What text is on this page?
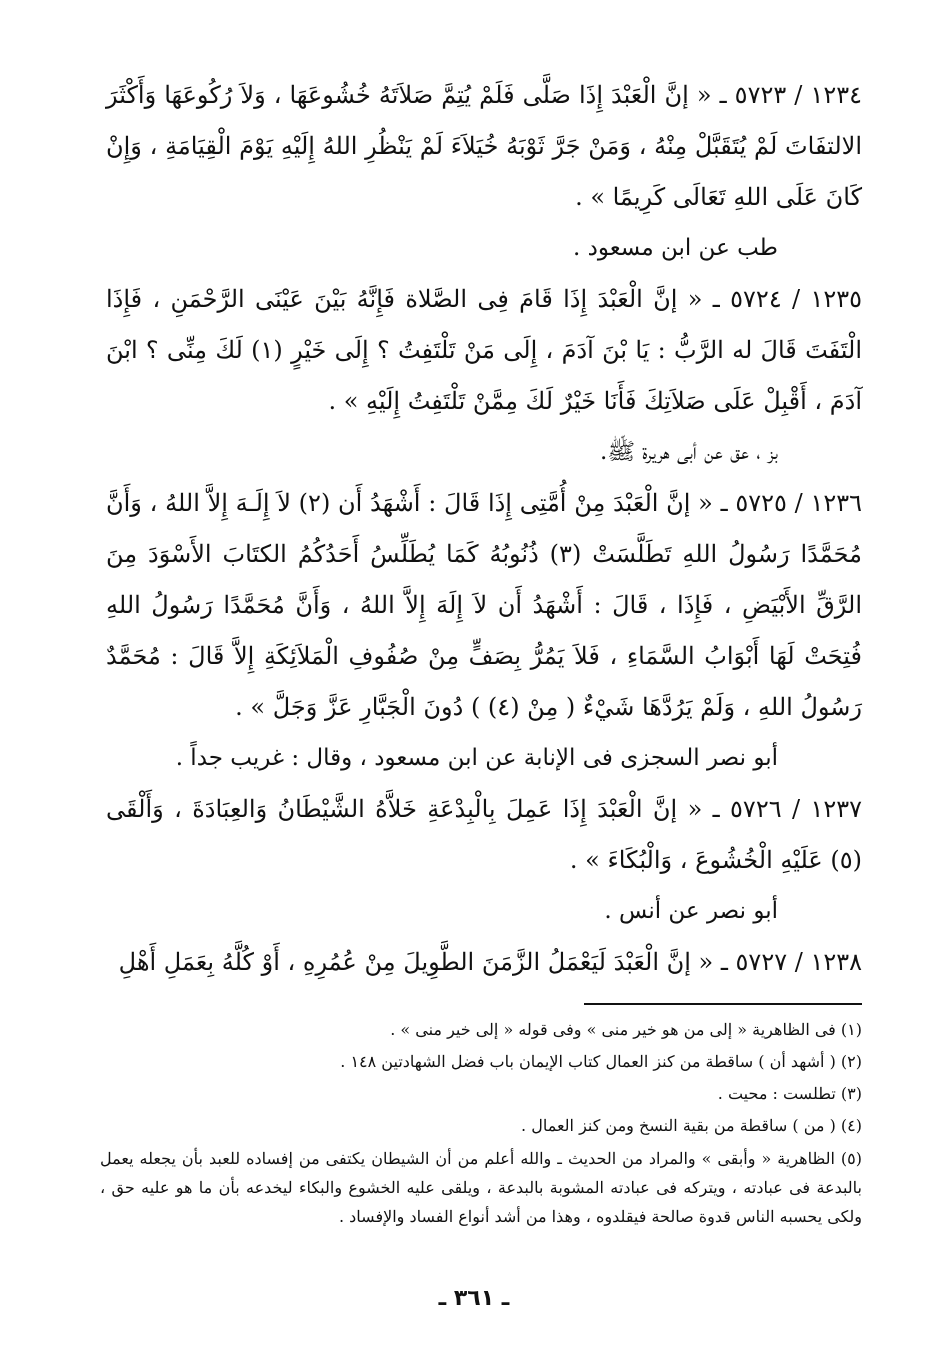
١٢٣٤ / ٥٧٢٣ ـ « إنَّ الْعَبْدَ إِذَا صَلَّى فَلَمْ يُتِمَّ صَلاَتَهُ خُشُوعَهَا ، وَلاَ رُكُوعَهَا وَأَكْثَرَ الالتفَاتَ لَمْ يُتَقَبَّلْ مِنْهُ ، وَمَنْ جَرَّ ثَوْبَهُ خُيَلاَءَ لَمْ يَنْظُرِ اللهُ إِلَيْهِ يَوْمَ الْقِيَامَةِ ، وَإِنْ كَانَ عَلَى اللهِ تَعَالَى كَرِيمًا » .

طب عن ابن مسعود .

١٢٣٥ / ٥٧٢٤ ـ « إنَّ الْعَبْدَ إِذَا قَامَ فِى الصَّلاة فَإِنَّهُ بَيْنَ عَيْنَى الرَّحْمَنِ ، فَإِذَا الْتَفَتَ قَالَ له الرَّبُّ : يَا بْنَ آدَمَ ، إِلَى مَنْ تَلْتَفِتُ ؟ إِلَى خَيْرٍ (١) لَكَ مِنِّى ؟ ابْنَ آدَمَ ، أَقْبِلْ عَلَى صَلاَتِكَ فَأَنَا خَيْرٌ لَكَ مِمَّنْ تَلْتَفِتُ إِلَيْهِ » .

بز ، عق عن أبى هريرة ﷺ.

١٢٣٦ / ٥٧٢٥ ـ « إنَّ الْعَبْدَ مِنْ أُمَّتِى إِذَا قَالَ : أَشْهَدُ أَن (٢) لاَ إِلَـهَ إِلاَّ اللهُ ، وَأَنَّ مُحَمَّدًا رَسُولُ اللهِ تَطَلَّسَتْ (٣) ذُنُوبُهُ كَمَا يُطَلِّسُ أَحَدُكُمُ الكتَابَ الأَسْوَدَ مِنَ الرَّقِّ الأَبْيَضِ ، فَإِذَا ، قَالَ : أَشْهَدُ أَن لاَ إِلَهَ إِلاَّ اللهُ ، وَأَنَّ مُحَمَّدًا رَسُولُ اللهِ فُتِحَتْ لَهَا أَبْوَابُ السَّمَاءِ ، فَلاَ يَمُرُّ بِصَفٍّ مِنْ صُفُوفِ الْمَلاَئِكَةِ إِلاَّ قَالَ : مُحَمَّدٌ رَسُولُ اللهِ ، وَلَمْ يَرُدَّهَا شَيْءٌ ( مِنْ (٤) ) دُونَ الْجَبَّارِ عَزَّ وَجَلَّ » .

أبو نصر السجزى فى الإنابة عن ابن مسعود ، وقال : غريب جداً .

١٢٣٧ / ٥٧٢٦ ـ « إنَّ الْعَبْدَ إِذَا عَمِلَ بِالْبِدْعَةِ خَلاَّهُ الشَّيْطَانُ وَالعِبَادَةَ ، وَأَلْقَى (٥) عَلَيْهِ الْخُشُوعَ ، وَالْبُكَاءَ » .

أبو نصر عن أنس .

١٢٣٨ / ٥٧٢٧ ـ « إنَّ الْعَبْدَ لَيَعْمَلُ الزَّمَنَ الطَّوِيلَ مِنْ عُمُرِهِ ، أَوْ كُلَّهُ بِعَمَلِ أَهْلِ

(١) فى الظاهرية « إلى من هو خير منى » وفى قوله « إلى خير منى » .

(٢) ( أشهد أن ) ساقطة من كنز العمال كتاب الإيمان باب فضل الشهادتين ١٤٨ .

(٣) تطلست : محيت .

(٤) ( من ) ساقطة من بقية النسخ ومن كنز العمال .

(٥) الظاهرية « وأبقى » والمراد من الحديث ـ والله أعلم من أن الشيطان يكتفى من إفساده للعبد بأن يجعله يعمل بالبدعة فى عبادته ، ويتركه فى عبادته المشوبة بالبدعة ، ويلقى عليه الخشوع والبكاء ليخدعه بأن ما هو عليه حق ، ولكى يحسبه الناس قدوة صالحة فيقلدوه ، وهذا من أشد أنواع الفساد والإفساد .

ـ ٣٦١ ـ
